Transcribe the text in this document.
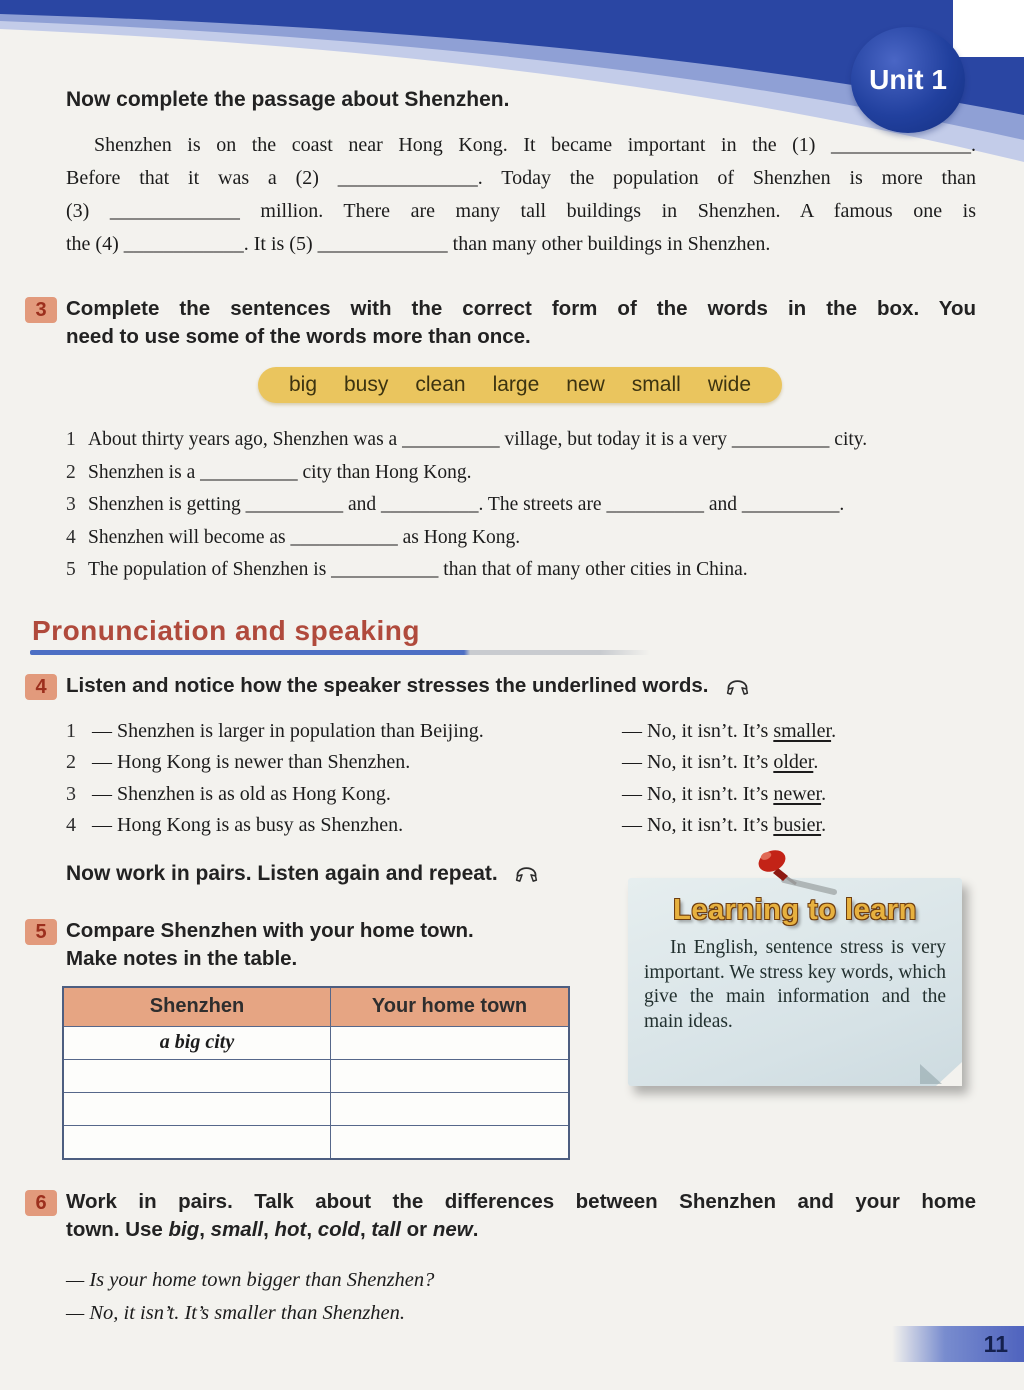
Unit 1
Now complete the passage about Shenzhen.
Shenzhen is on the coast near Hong Kong. It became important in the (1) ______________.
Before that it was a (2) ______________. Today the population of Shenzhen is more than
(3) _____________ million. There are many tall buildings in Shenzhen. A famous one is
the (4) ____________. It is (5) _____________ than many other buildings in Shenzhen.
3 Complete the sentences with the correct form of the words in the box. You
need to use some of the words more than once.
big busy clean large new small wide
1 About thirty years ago, Shenzhen was a __________ village, but today it is a very __________ city.
2 Shenzhen is a __________ city than Hong Kong.
3 Shenzhen is getting __________ and __________. The streets are __________ and __________.
4 Shenzhen will become as ___________ as Hong Kong.
5 The population of Shenzhen is ___________ than that of many other cities in China.
Pronunciation and speaking
4 Listen and notice how the speaker stresses the underlined words.
1 — Shenzhen is larger in population than Beijing.	— No, it isn’t. It’s smaller.
2 — Hong Kong is newer than Shenzhen.	— No, it isn’t. It’s older.
3 — Shenzhen is as old as Hong Kong.	— No, it isn’t. It’s newer.
4 — Hong Kong is as busy as Shenzhen.	— No, it isn’t. It’s busier.
Now work in pairs. Listen again and repeat.
5 Compare Shenzhen with your home town.
Make notes in the table.
Shenzhen	Your home town
a big city	

6 Work in pairs. Talk about the differences between Shenzhen and your home
town. Use big, small, hot, cold, tall or new.
— Is your home town bigger than Shenzhen?
— No, it isn’t. It’s smaller than Shenzhen.
Learning to learn
In English, sentence stress is very important. We stress key words, which give the main information and the main ideas.
11
